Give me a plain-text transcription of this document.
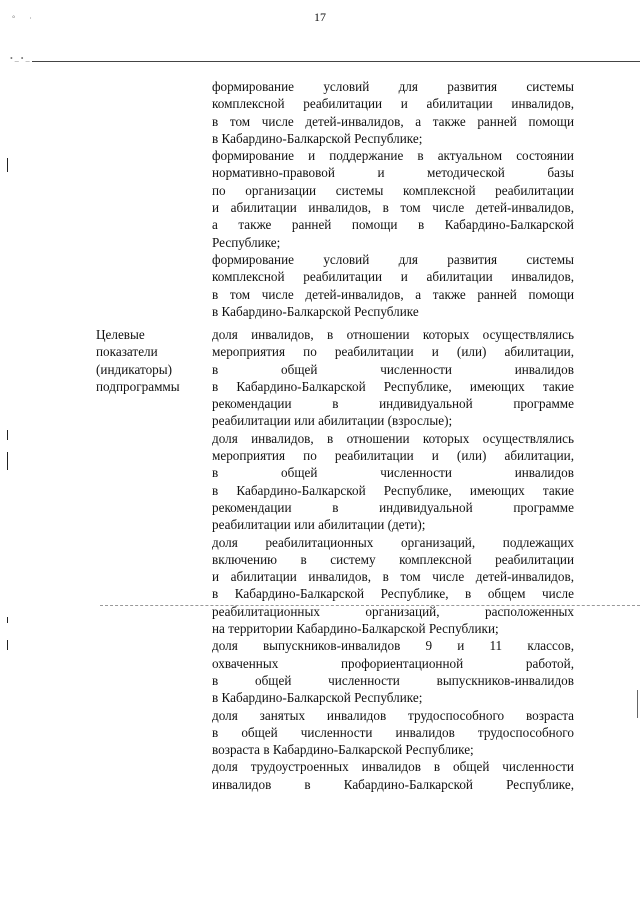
17
° ·
•_•_
Целевые
показатели
(индикаторы)
подпрограммы
формирование условий для развития системы
комплексной реабилитации и абилитации инвалидов,
в том числе детей-инвалидов, а также ранней помощи
в Кабардино-Балкарской Республике;
формирование и поддержание в актуальном состоянии
нормативно-правовой и методической базы
по организации системы комплексной реабилитации
и абилитации инвалидов, в том числе детей-инвалидов,
а также ранней помощи в Кабардино-Балкарской
Республике;
формирование условий для развития системы
комплексной реабилитации и абилитации инвалидов,
в том числе детей-инвалидов, а также ранней помощи
в Кабардино-Балкарской Республике
доля инвалидов, в отношении которых осуществлялись
мероприятия по реабилитации и (или) абилитации,
в общей численности инвалидов
в Кабардино-Балкарской Республике, имеющих такие
рекомендации в индивидуальной программе
реабилитации или абилитации (взрослые);
доля инвалидов, в отношении которых осуществлялись
мероприятия по реабилитации и (или) абилитации,
в общей численности инвалидов
в Кабардино-Балкарской Республике, имеющих такие
рекомендации в индивидуальной программе
реабилитации или абилитации (дети);
доля реабилитационных организаций, подлежащих
включению в систему комплексной реабилитации
и абилитации инвалидов, в том числе детей-инвалидов,
в Кабардино-Балкарской Республике, в общем числе
реабилитационных организаций, расположенных
на территории Кабардино-Балкарской Республики;
доля выпускников-инвалидов 9 и 11 классов,
охваченных профориентационной работой,
в общей численности выпускников-инвалидов
в Кабардино-Балкарской Республике;
доля занятых инвалидов трудоспособного возраста
в общей численности инвалидов трудоспособного
возраста в Кабардино-Балкарской Республике;
доля трудоустроенных инвалидов в общей численности
инвалидов в Кабардино-Балкарской Республике,
